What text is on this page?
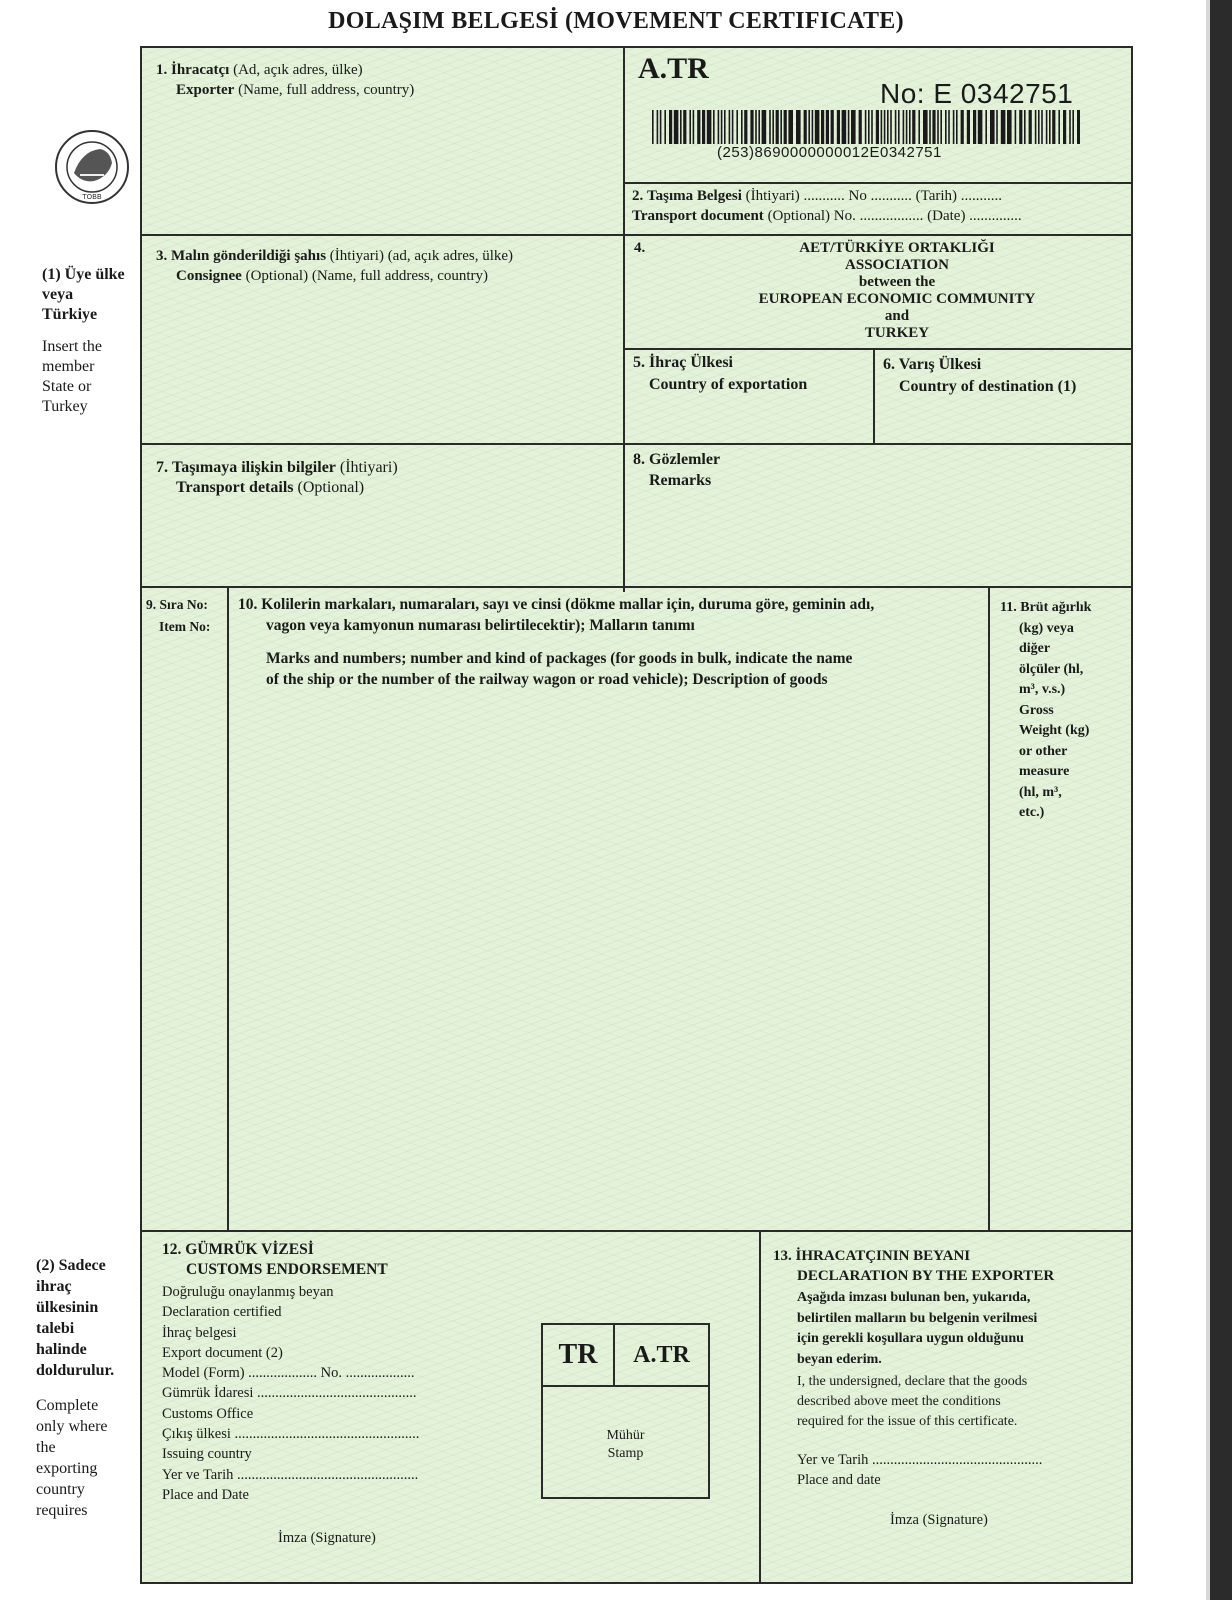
DOLAŞIM BELGESİ (MOVEMENT CERTIFICATE)
TOBB
(1) Üye ülke
veya
Türkiye
Insert the
member
State or
Turkey
(2) Sadece
ihraç
ülkesinin
talebi
halinde
doldurulur.
Complete
only where
the
exporting
country
requires
1. İhracatçı (Ad, açık adres, ülke)
Exporter (Name, full address, country)
A.TR
No: E 0342751
(253)8690000000012E0342751
2. Taşıma Belgesi (İhtiyari) ........... No ........... (Tarih) ...........
Transport document (Optional) No. ................. (Date) ..............
3. Malın gönderildiği şahıs (İhtiyari) (ad, açık adres, ülke)
Consignee (Optional) (Name, full address, country)
4.	AET/TÜRKİYE ORTAKLIĞI
ASSOCIATION
between the
EUROPEAN ECONOMIC COMMUNITY
and
TURKEY
5. İhraç Ülkesi
Country of exportation
6. Varış Ülkesi
Country of destination (1)
7. Taşımaya ilişkin bilgiler (İhtiyari)
Transport details (Optional)
8. Gözlemler
Remarks
9. Sıra No:
Item No:
10. Kolilerin markaları, numaraları, sayı ve cinsi (dökme mallar için, duruma göre, geminin adı,
vagon veya kamyonun numarası belirtilecektir); Malların tanımı
Marks and numbers; number and kind of packages (for goods in bulk, indicate the name
of the ship or the number of the railway wagon or road vehicle); Description of goods
11. Brüt ağırlık
(kg) veya
diğer
ölçüler (hl,
m³, v.s.)
Gross
Weight (kg)
or other
measure
(hl, m³,
etc.)
12. GÜMRÜK VİZESİ
CUSTOMS ENDORSEMENT
Doğruluğu onaylanmış beyan
Declaration certified
İhraç belgesi
Export document (2)
Model (Form) ................... No. ...................
Gümrük İdaresi ............................................
Customs Office
Çıkış ülkesi ...................................................
Issuing country
Yer ve Tarih ..................................................
Place and Date
İmza (Signature)
TR	A.TR
Mühür
Stamp
13. İHRACATÇININ BEYANI
DECLARATION BY THE EXPORTER
Aşağıda imzası bulunan ben, yukarıda,
belirtilen malların bu belgenin verilmesi
için gerekli koşullara uygun olduğunu
beyan ederim.
I, the undersigned, declare that the goods
described above meet the conditions
required for the issue of this certificate.
Yer ve Tarih ...............................................
Place and date
İmza (Signature)
